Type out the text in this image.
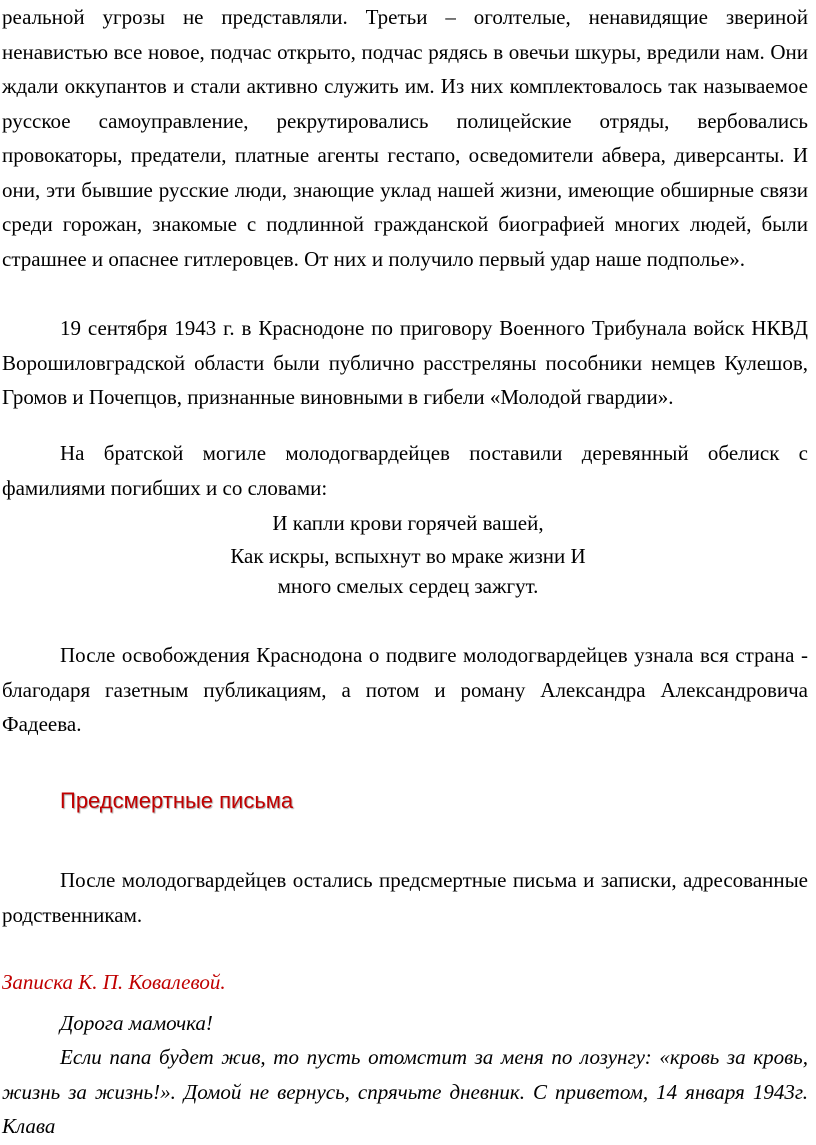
реальной угрозы не представляли. Третьи – оголтелые, ненавидящие звериной ненавистью все новое, подчас открыто, подчас рядясь в овечьи шкуры, вредили нам. Они ждали оккупантов и стали активно служить им. Из них комплектовалось так называемое русское самоуправление, рекрутировались полицейские отряды, вербовались провокаторы, предатели, платные агенты гестапо, осведомители абвера, диверсанты. И они, эти бывшие русские люди, знающие уклад нашей жизни, имеющие обширные связи среди горожан, знакомые с подлинной гражданской биографией многих людей, были страшнее и опаснее гитлеровцев. От них и получило первый удар наше подполье».

19 сентября 1943 г. в Краснодоне по приговору Военного Трибунала войск НКВД Ворошиловградской области были публично расстреляны пособники немцев Кулешов, Громов и Почепцов, признанные виновными в гибели «Молодой гвардии».

На братской могиле молодогвардейцев поставили деревянный обелиск с фамилиями погибших и со словами:

И капли крови горячей вашей,
Как искры, вспыхнут во мраке жизни И
много смелых сердец зажгут.

После освобождения Краснодона о подвиге молодогвардейцев узнала вся страна - благодаря газетным публикациям, а потом и роману Александра Александровича Фадеева.

Предсмертные письма

После молодогвардейцев остались предсмертные письма и записки, адресованные родственникам.

Записка К. П. Ковалевой.

Дорога мамочка!

Если папа будет жив, то пусть отомстит за меня по лозунгу: «кровь за кровь, жизнь за жизнь!». Домой не вернусь, спрячьте дневник. С приветом, 14 января 1943г. Клава
